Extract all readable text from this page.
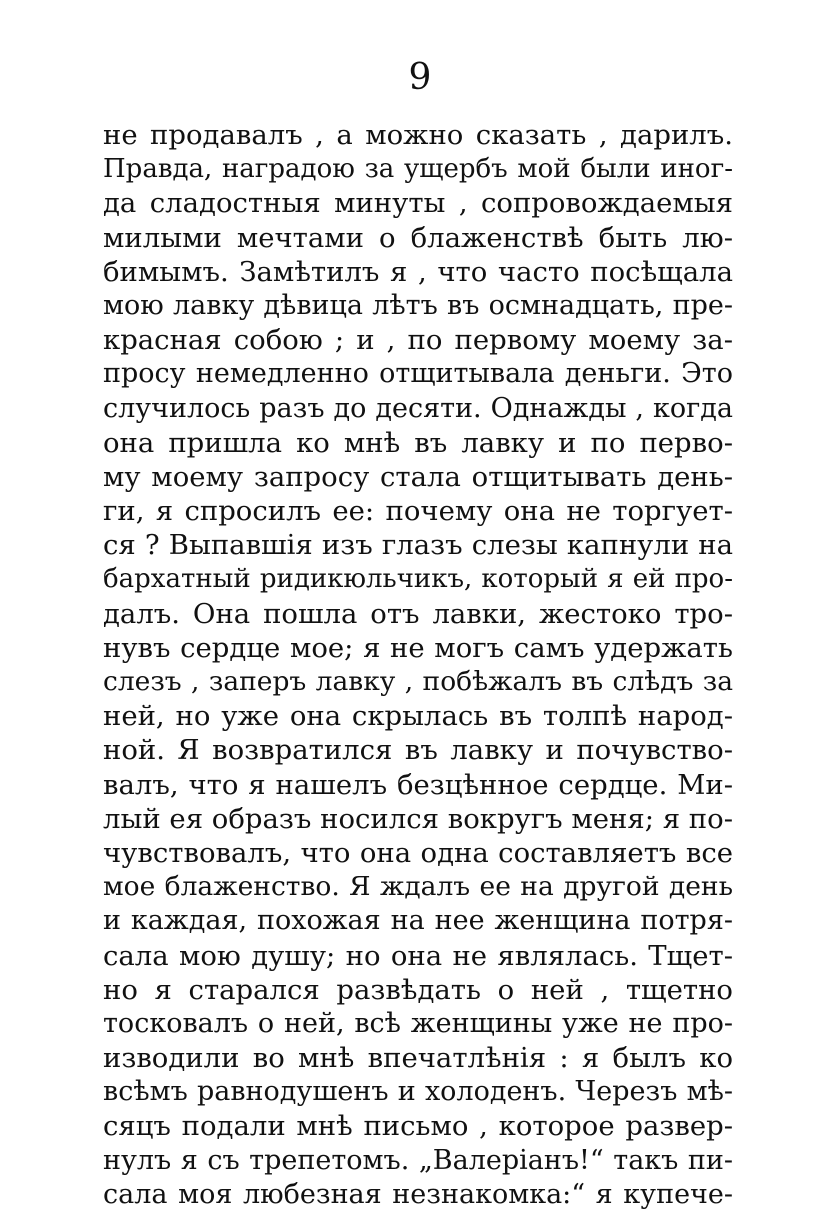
9
не продавалъ , а можно сказать , дарилъ.
Правда, наградою за ущербъ мой были иног-
да сладостныя минуты , сопровождаемыя
милыми мечтами о блаженствѣ быть лю-
бимымъ. Замѣтилъ я , что часто посѣщала
мою лавку дѣвица лѣтъ въ осмнадцать, пре-
красная собою ; и , по первому моему за-
просу немедленно отщитывала деньги. Это
случилось разъ до десяти. Однажды , когда
она пришла ко мнѣ въ лавку и по перво-
му моему запросу стала отщитывать день-
ги, я спросилъ ее: почему она не торгует-
ся ? Выпавшія изъ глазъ слезы капнули на
бархатный ридикюльчикъ, который я ей про-
далъ. Она пошла отъ лавки, жестоко тро-
нувъ сердце мое; я не могъ самъ удержать
слезъ , заперъ лавку , побѣжалъ въ слѣдъ за
ней, но уже она скрылась въ толпѣ народ-
ной. Я возвратился въ лавку и почувство-
валъ, что я нашелъ безцѣнное сердце. Ми-
лый ея образъ носился вокругъ меня; я по-
чувствовалъ, что она одна составляетъ все
мое блаженство. Я ждалъ ее на другой день
и каждая, похожая на нее женщина потря-
сала мою душу; но она не являлась. Тщет-
но я старался развѣдать о ней , тщетно
тосковалъ о ней, всѣ женщины уже не про-
изводили во мнѣ впечатлѣнія : я былъ ко
всѣмъ равнодушенъ и холоденъ. Черезъ мѣ-
сяцъ подали мнѣ письмо , которое развер-
нулъ я съ трепетомъ. „Валеріанъ!“ такъ пи-
сала моя любезная незнакомка:“ я купече-
